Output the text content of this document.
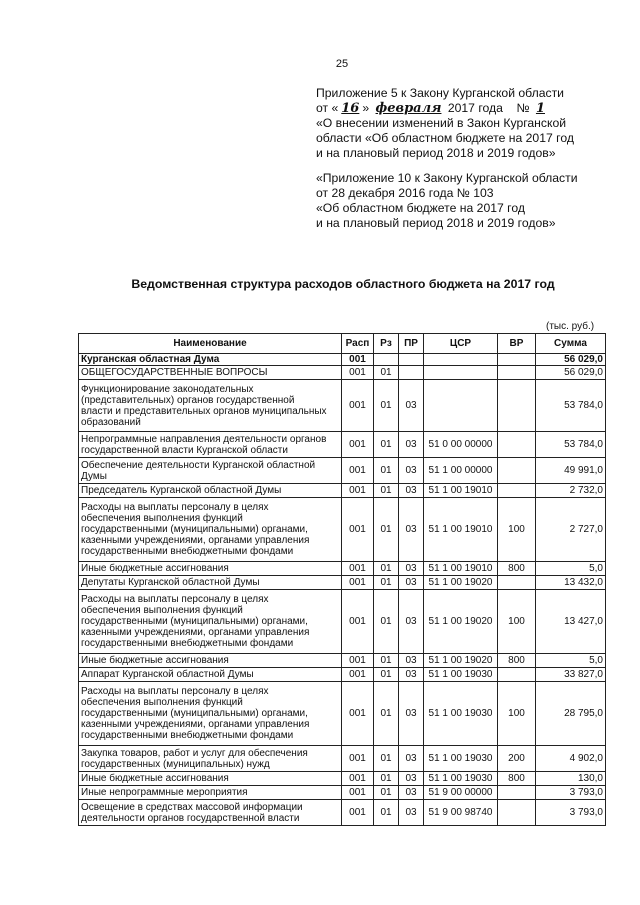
25
Приложение 5 к Закону Курганской области
от « 16 » февраля 2017 года № 1
«О внесении изменений в Закон Курганской
области «Об областном бюджете на 2017 год
и на плановый период 2018 и 2019 годов»
«Приложение 10 к Закону Курганской области
от 28 декабря 2016 года № 103
«Об областном бюджете на 2017 год
и на плановый период 2018 и 2019 годов»
Ведомственная структура расходов областного бюджета на 2017 год
(тыс. руб.)
Наименование	Расп	Рз	ПР	ЦСР	ВР	Сумма

Курганская областная Дума	001					56 029,0

ОБЩЕГОСУДАРСТВЕННЫЕ ВОПРОСЫ	001	01				56 029,0

Функционирование законодательных
(представительных) органов государственной
власти и представительных органов муниципальных
образований	001	01	03			53 784,0

Непрограммные направления деятельности органов
государственной власти Курганской области	001	01	03	51 0 00 00000		53 784,0

Обеспечение деятельности Курганской областной
Думы	001	01	03	51 1 00 00000		49 991,0

Председатель Курганской областной Думы	001	01	03	51 1 00 19010		2 732,0

Расходы на выплаты персоналу в целях
обеспечения выполнения функций
государственными (муниципальными) органами,
казенными учреждениями, органами управления
государственными внебюджетными фондами	001	01	03	51 1 00 19010	100	2 727,0

Иные бюджетные ассигнования	001	01	03	51 1 00 19010	800	5,0

Депутаты Курганской областной Думы	001	01	03	51 1 00 19020		13 432,0

Расходы на выплаты персоналу в целях
обеспечения выполнения функций
государственными (муниципальными) органами,
казенными учреждениями, органами управления
государственными внебюджетными фондами	001	01	03	51 1 00 19020	100	13 427,0

Иные бюджетные ассигнования	001	01	03	51 1 00 19020	800	5,0

Аппарат Курганской областной Думы	001	01	03	51 1 00 19030		33 827,0

Расходы на выплаты персоналу в целях
обеспечения выполнения функций
государственными (муниципальными) органами,
казенными учреждениями, органами управления
государственными внебюджетными фондами	001	01	03	51 1 00 19030	100	28 795,0

Закупка товаров, работ и услуг для обеспечения
государственных (муниципальных) нужд	001	01	03	51 1 00 19030	200	4 902,0

Иные бюджетные ассигнования	001	01	03	51 1 00 19030	800	130,0

Иные непрограммные мероприятия	001	01	03	51 9 00 00000		3 793,0

Освещение в средствах массовой информации
деятельности органов государственной власти	001	01	03	51 9 00 98740		3 793,0
